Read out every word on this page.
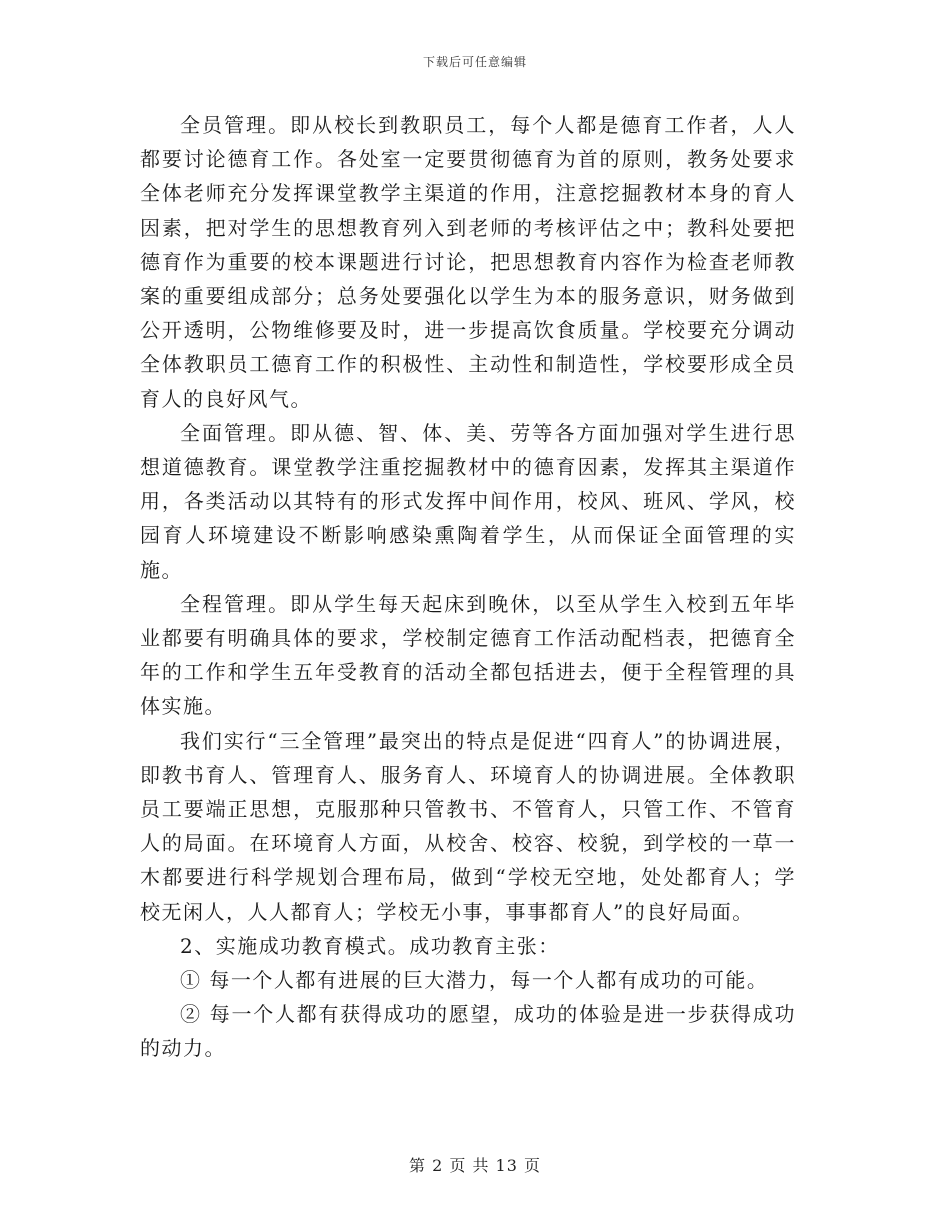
下载后可任意编辑

全员管理。即从校长到教职员工，每个人都是德育工作者，人人都要讨论德育工作。各处室一定要贯彻德育为首的原则，教务处要求全体老师充分发挥课堂教学主渠道的作用，注意挖掘教材本身的育人因素，把对学生的思想教育列入到老师的考核评估之中；教科处要把德育作为重要的校本课题进行讨论，把思想教育内容作为检查老师教案的重要组成部分；总务处要强化以学生为本的服务意识，财务做到公开透明，公物维修要及时，进一步提高饮食质量。学校要充分调动全体教职员工德育工作的积极性、主动性和制造性，学校要形成全员育人的良好风气。

全面管理。即从德、智、体、美、劳等各方面加强对学生进行思想道德教育。课堂教学注重挖掘教材中的德育因素，发挥其主渠道作用，各类活动以其特有的形式发挥中间作用，校风、班风、学风，校园育人环境建设不断影响感染熏陶着学生，从而保证全面管理的实施。

全程管理。即从学生每天起床到晚休，以至从学生入校到五年毕业都要有明确具体的要求，学校制定德育工作活动配档表，把德育全年的工作和学生五年受教育的活动全都包括进去，便于全程管理的具体实施。

我们实行“三全管理”最突出的特点是促进“四育人”的协调进展，即教书育人、管理育人、服务育人、环境育人的协调进展。全体教职员工要端正思想，克服那种只管教书、不管育人，只管工作、不管育人的局面。在环境育人方面，从校舍、校容、校貌，到学校的一草一木都要进行科学规划合理布局，做到“学校无空地，处处都育人；学校无闲人，人人都育人；学校无小事，事事都育人”的良好局面。

2、实施成功教育模式。成功教育主张：

① 每一个人都有进展的巨大潜力，每一个人都有成功的可能。

② 每一个人都有获得成功的愿望，成功的体验是进一步获得成功的动力。

第 2 页 共 13 页
